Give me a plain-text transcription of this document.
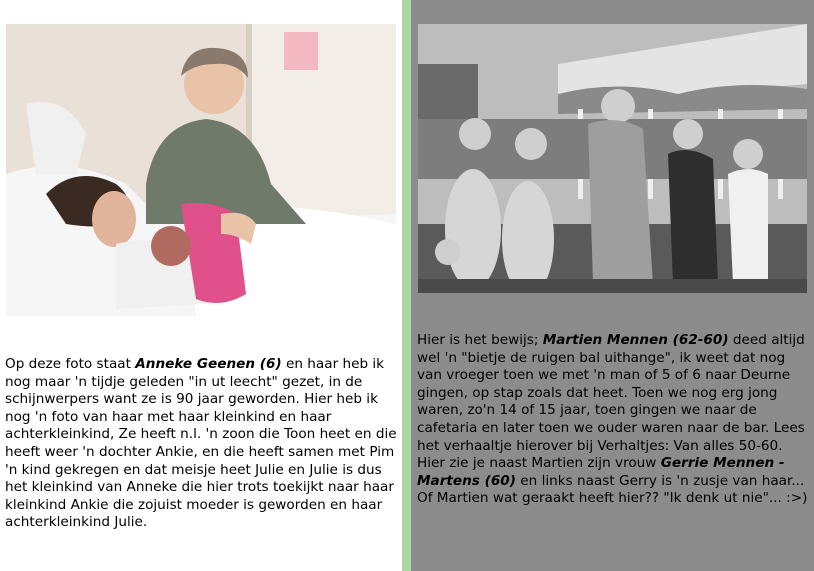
Op deze foto staat Anneke Geenen (6) en haar heb ik nog maar 'n tijdje geleden "in ut leecht" gezet, in de schijnwerpers want ze is 90 jaar geworden. Hier heb ik nog 'n foto van haar met haar kleinkind en haar achterkleinkind, Ze heeft n.l. 'n zoon die Toon heet en die heeft weer 'n dochter Ankie, en die heeft samen met Pim 'n kind gekregen en dat meisje heet Julie en Julie is dus het kleinkind van Anneke die hier trots toekijkt naar haar kleinkind Ankie die zojuist moeder is geworden en haar achterkleinkind Julie.

Hier is het bewijs; Martien Mennen (62-60) deed altijd wel 'n "bietje de ruigen bal uithange", ik weet dat nog van vroeger toen we met 'n man of 5 of 6 naar Deurne gingen, op stap zoals dat heet. Toen we nog erg jong waren, zo'n 14 of 15 jaar, toen gingen we naar de cafetaria en later toen we ouder waren naar de bar. Lees het verhaaltje hierover bij Verhaltjes: Van alles 50-60. Hier zie je naast Martien zijn vrouw Gerrie Mennen - Martens (60) en links naast Gerry is 'n zusje van haar... Of Martien wat geraakt heeft hier?? "Ik denk ut nie"... :>)
